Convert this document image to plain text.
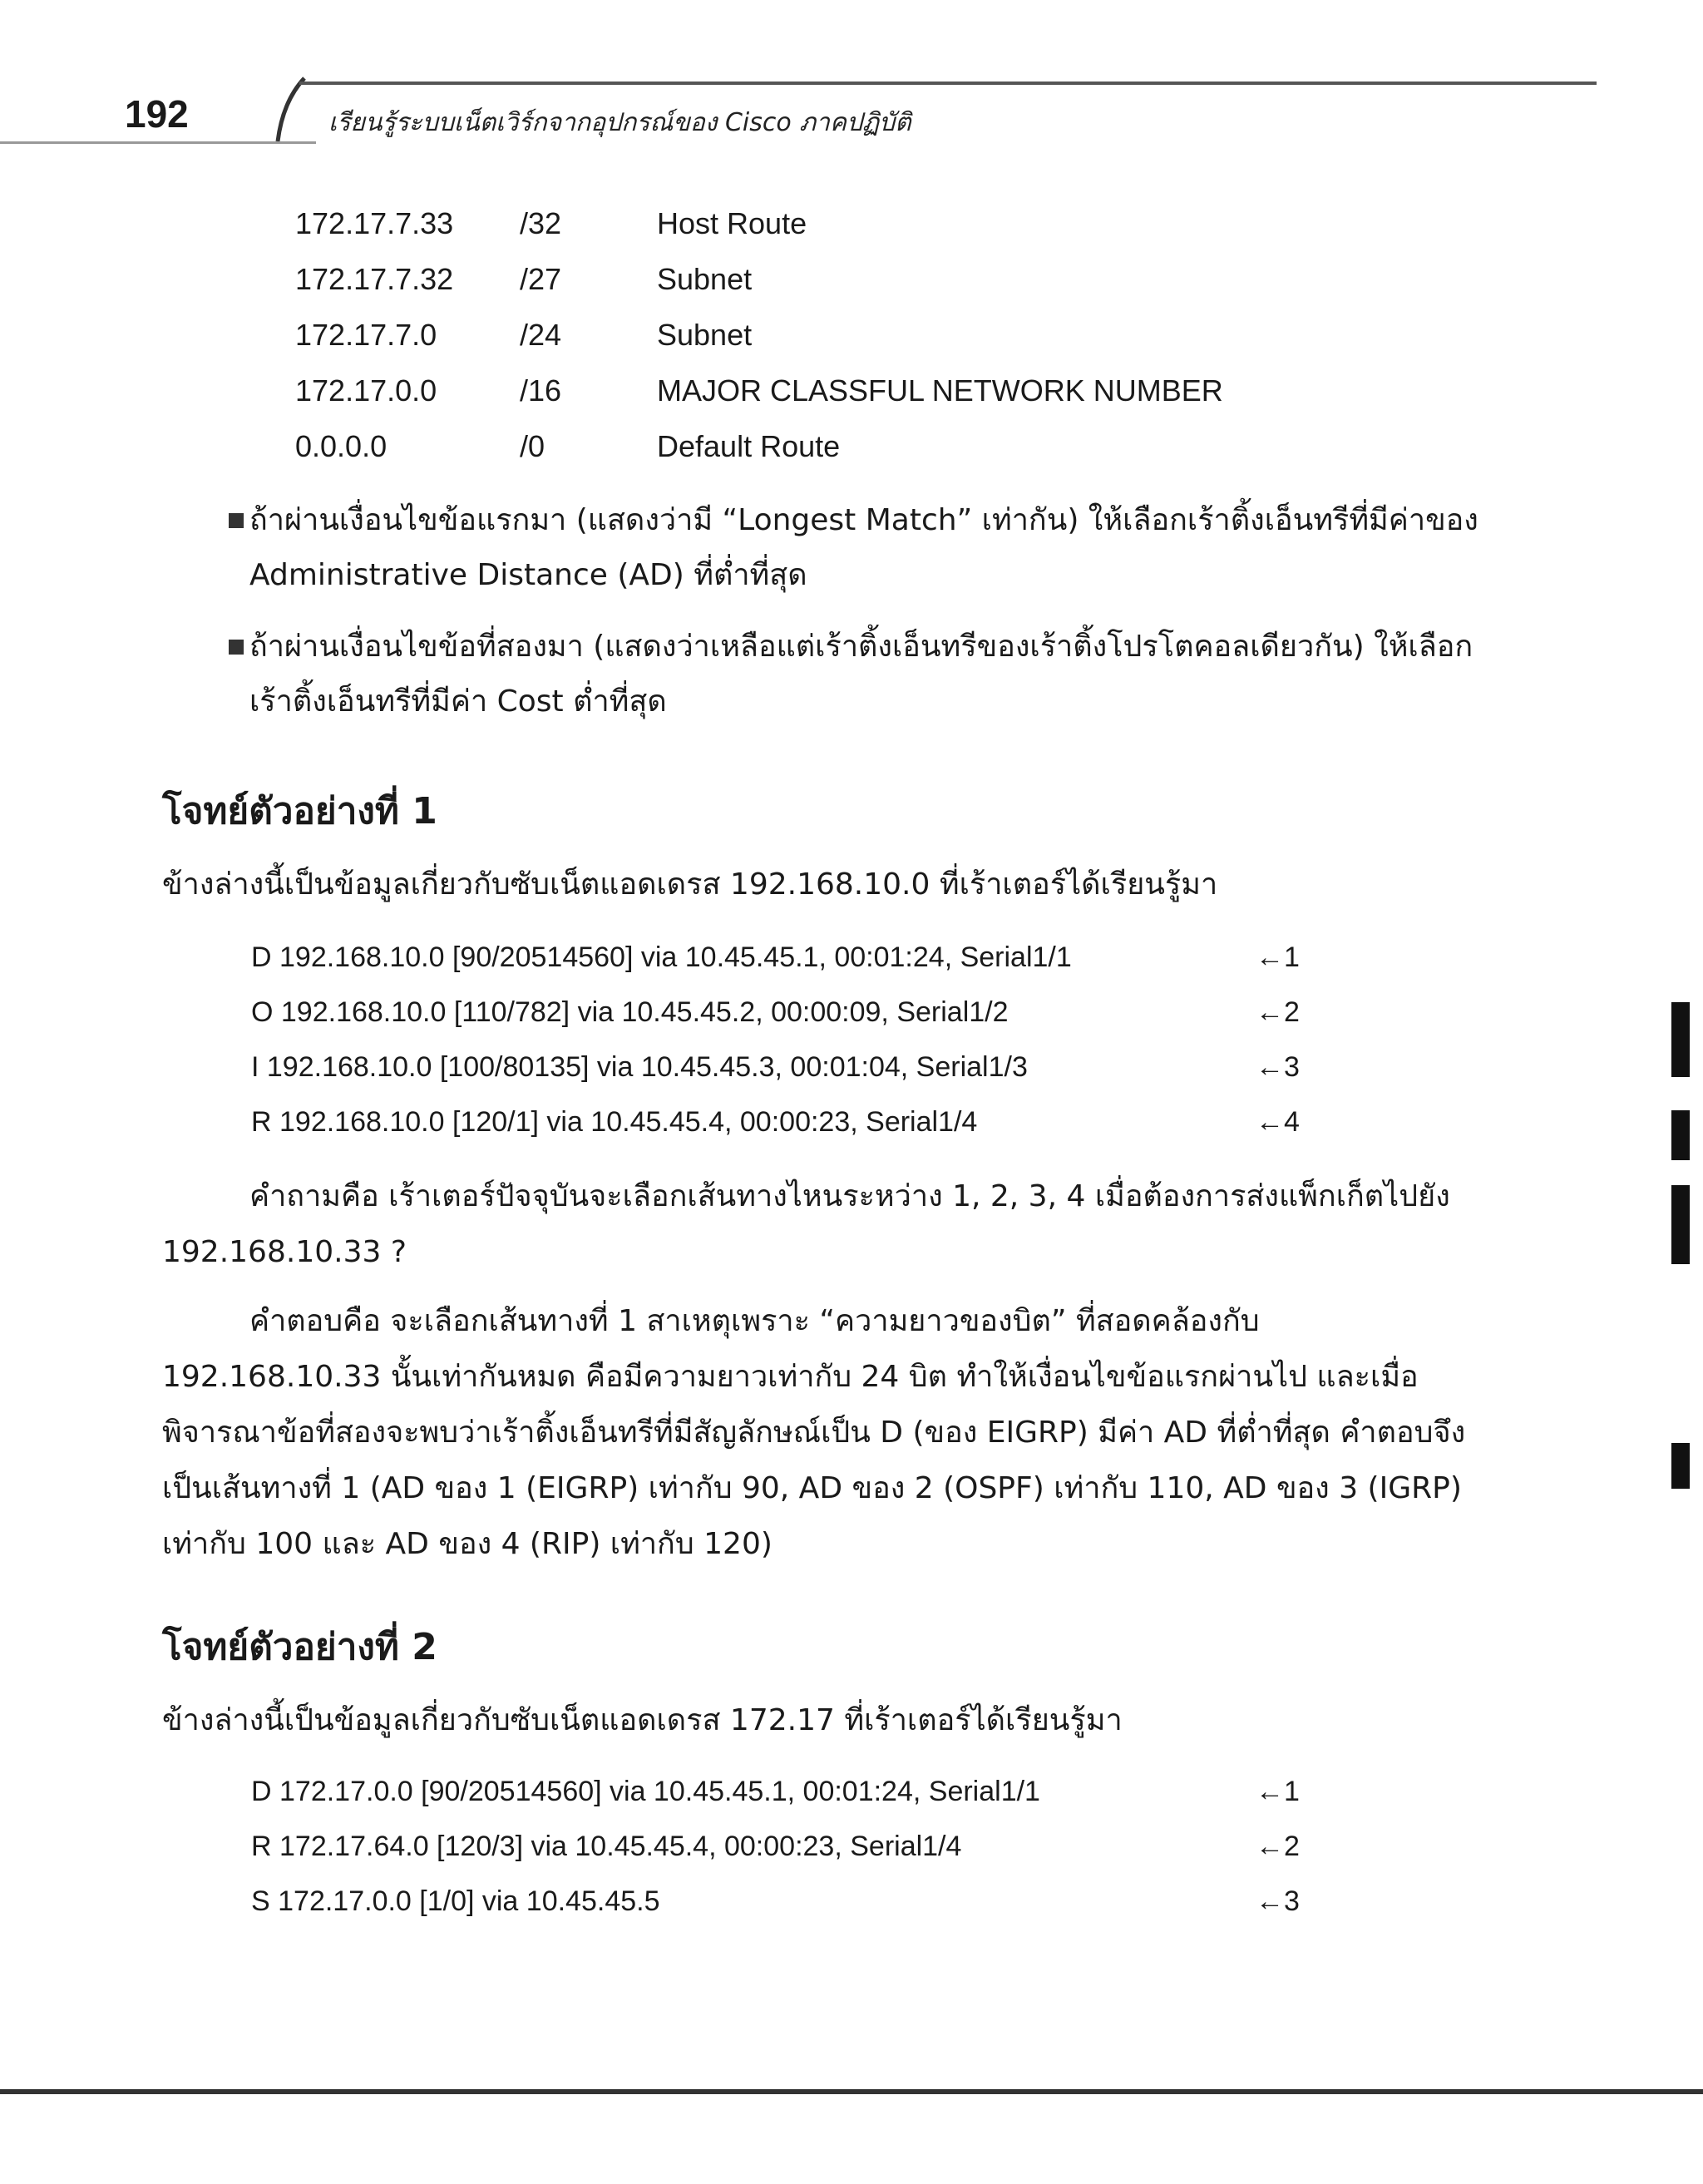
192	เรียนรู้ระบบเน็ตเวิร์กจากอุปกรณ์ของ Cisco ภาคปฏิบัติ
172.17.7.33 /32	Host Route
172.17.7.32 /27	Subnet
172.17.7.0	/24	Subnet
172.17.0.0	/16	MAJOR CLASSFUL NETWORK NUMBER
0.0.0.0	/0	Default Route
ถ้าผ่านเงื่อนไขข้อแรกมา (แสดงว่ามี “Longest Match” เท่ากัน) ให้เลือกเร้าติ้งเอ็นทรีที่มีค่าของ Administrative Distance (AD) ที่ต่ำที่สุด
ถ้าผ่านเงื่อนไขข้อที่สองมา (แสดงว่าเหลือแต่เร้าติ้งเอ็นทรีของเร้าติ้งโปรโตคอลเดียวกัน) ให้เลือกเร้าติ้งเอ็นทรีที่มีค่า Cost ต่ำที่สุด
โจทย์ตัวอย่างที่ 1
ข้างล่างนี้เป็นข้อมูลเกี่ยวกับซับเน็ตแอดเดรส 192.168.10.0 ที่เร้าเตอร์ได้เรียนรู้มา
D 192.168.10.0 [90/20514560] via 10.45.45.1, 00:01:24, Serial1/1	←1
O 192.168.10.0 [110/782] via 10.45.45.2, 00:00:09, Serial1/2	←2
I 192.168.10.0 [100/80135] via 10.45.45.3, 00:01:04, Serial1/3	←3
R 192.168.10.0 [120/1] via 10.45.45.4, 00:00:23, Serial1/4	←4
คำถามคือ เร้าเตอร์ปัจจุบันจะเลือกเส้นทางไหนระหว่าง 1, 2, 3, 4 เมื่อต้องการส่งแพ็กเก็ตไปยัง 192.168.10.33 ?
คำตอบคือ จะเลือกเส้นทางที่ 1 สาเหตุเพราะ “ความยาวของบิต” ที่สอดคล้องกับ 192.168.10.33 นั้นเท่ากันหมด คือมีความยาวเท่ากับ 24 บิต ทำให้เงื่อนไขข้อแรกผ่านไป และเมื่อพิจารณาข้อที่สองจะพบว่าเร้าติ้งเอ็นทรีที่มีสัญลักษณ์เป็น D (ของ EIGRP) มีค่า AD ที่ต่ำที่สุด คำตอบจึงเป็นเส้นทางที่ 1 (AD ของ 1 (EIGRP) เท่ากับ 90, AD ของ 2 (OSPF) เท่ากับ 110, AD ของ 3 (IGRP) เท่ากับ 100 และ AD ของ 4 (RIP) เท่ากับ 120)
โจทย์ตัวอย่างที่ 2
ข้างล่างนี้เป็นข้อมูลเกี่ยวกับซับเน็ตแอดเดรส 172.17 ที่เร้าเตอร์ได้เรียนรู้มา
D 172.17.0.0 [90/20514560] via 10.45.45.1, 00:01:24, Serial1/1	←1
R 172.17.64.0 [120/3] via 10.45.45.4, 00:00:23, Serial1/4	←2
S 172.17.0.0 [1/0] via 10.45.45.5	←3
